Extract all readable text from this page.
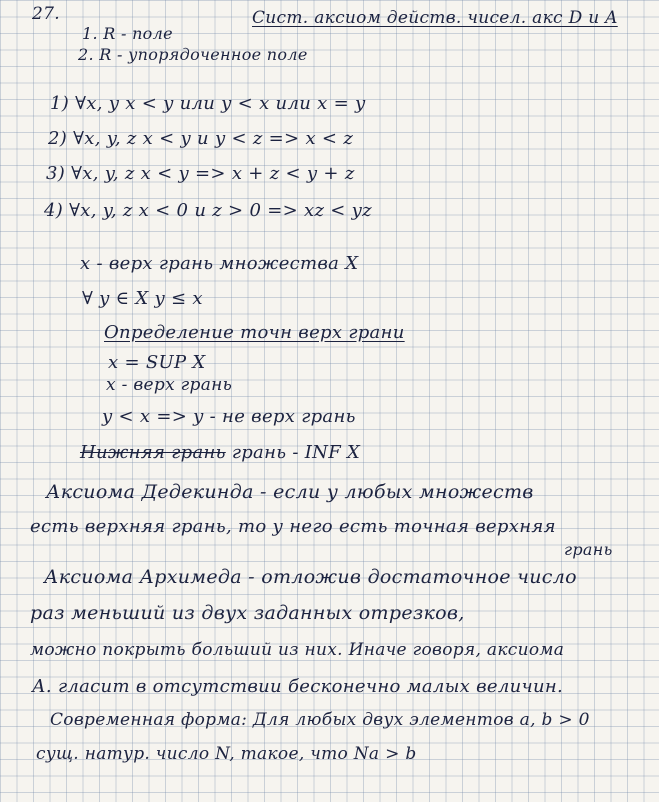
27.	Сист. аксиом действ. чисел. акс D и A
1. R - поле
2. R - упорядоченное поле
1) ∀x, y x < y или y < x или x = y
2) ∀x, y, z x < y и y < z => x < z
3) ∀x, y, z x < y => x + z < y + z
4) ∀x, y, z x < 0 и z > 0 => xz < yz
x - верх грань множества X
∀ y ∈ X y ≤ x
Определение точн верх грани
x = SUP X
x - верх грань
y < x => y - не верх грань
Нижняя грань грань - INF X
Аксиома Дедекинда - если у любых множеств
есть верхняя грань, то у него есть точная верхняя
грань
Аксиома Архимеда - отложив достаточное число
раз меньший из двух заданных отрезков,
можно покрыть больший из них. Иначе говоря, аксиома
А. гласит в отсутствии бесконечно малых величин.
Современная форма: Для любых двух элементов a, b > 0
сущ. натур. число N, такое, что Na > b
